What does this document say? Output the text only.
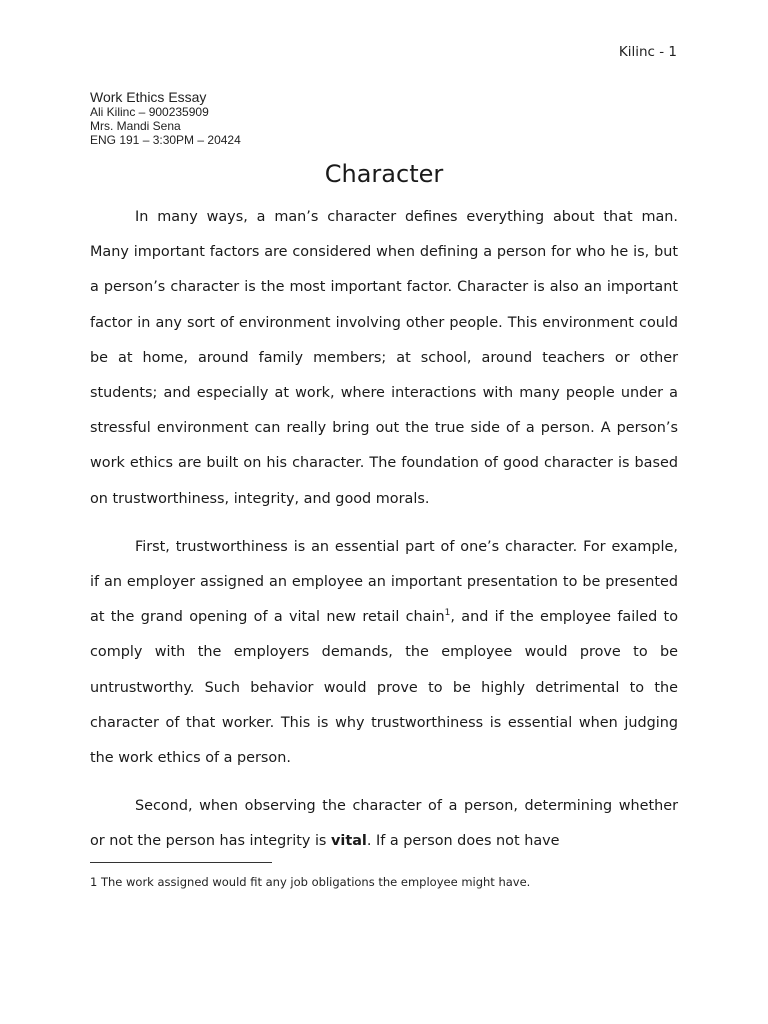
Kilinc - 1
Work Ethics Essay
Ali Kilinc – 900235909
Mrs. Mandi Sena
ENG 191 – 3:30PM – 20424
Character

In many ways, a man’s character defines everything about that man. Many important factors are considered when defining a person for who he is, but a person’s character is the most important factor. Character is also an important factor in any sort of environment involving other people. This environment could be at home, around family members; at school, around teachers or other students; and especially at work, where interactions with many people under a stressful environment can really bring out the true side of a person. A person’s work ethics are built on his character. The foundation of good character is based on trustworthiness, integrity, and good morals.

First, trustworthiness is an essential part of one’s character. For example, if an employer assigned an employee an important presentation to be presented at the grand opening of a vital new retail chain$^1$, and if the employee failed to comply with the employers demands, the employee would prove to be untrustworthy. Such behavior would prove to be highly detrimental to the character of that worker. This is why trustworthiness is essential when judging the work ethics of a person.

Second, when observing the character of a person, determining whether or not the person has integrity is vital. If a person does not have

1 The work assigned would fit any job obligations the employee might have.
